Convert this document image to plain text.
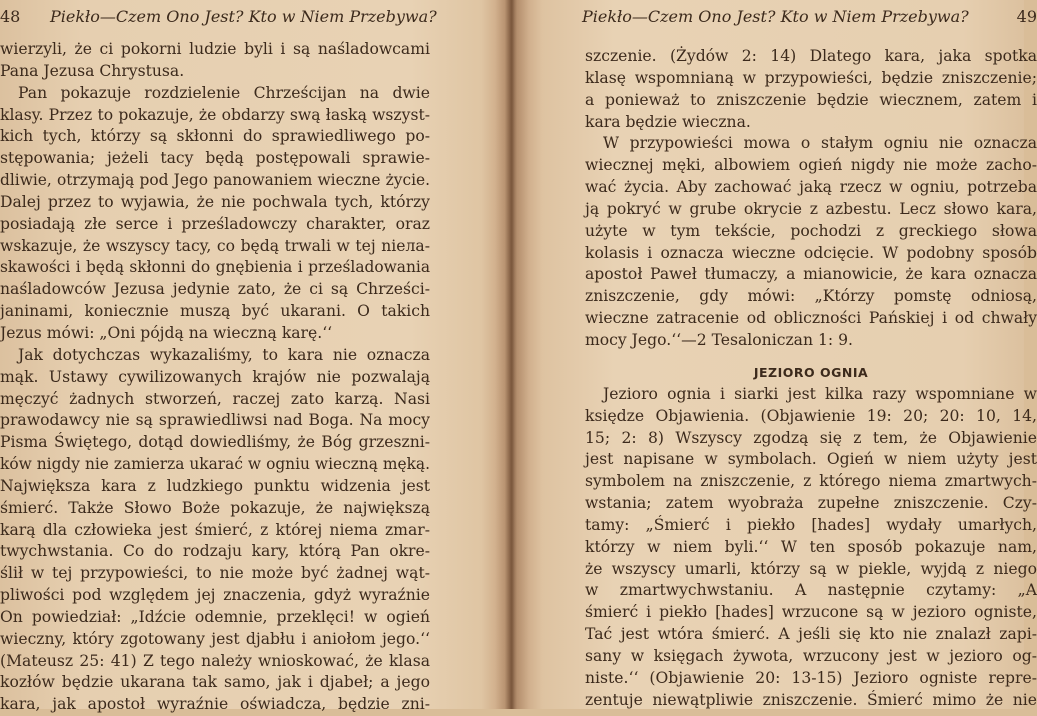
48 Piekło—Czem Ono Jest? Kto w Niem Przebywa?
wierzyli, że ci pokorni ludzie byli i są naśladowcami
Pana Jezusa Chrystusa.
Pan pokazuje rozdzielenie Chrześcijan na dwie
klasy. Przez to pokazuje, że obdarzy swą łaską wszyst-
kich tych, którzy są skłonni do sprawiedliwego po-
stępowania; jeżeli tacy będą postępowali sprawie-
dliwie, otrzymają pod Jego panowaniem wieczne życie.
Dalej przez to wyjawia, że nie pochwala tych, którzy
posiadają złe serce i prześladowczy charakter, oraz
wskazuje, że wszyscy tacy, co będą trwali w tej niела-
skawości i będą skłonni do gnębienia i prześladowania
naśladowców Jezusa jedynie zato, że ci są Chrześci-
janinami, koniecznie muszą być ukarani. O takich
Jezus mówi: „Oni pójdą na wieczną karę.‘‘
Jak dotychczas wykazaliśmy, to kara nie oznacza
mąk. Ustawy cywilizowanych krajów nie pozwalają
męczyć żadnych stworzeń, raczej zato karzą. Nasi
prawodawcy nie są sprawiedliwsi nad Boga. Na mocy
Pisma Świętego, dotąd dowiedliśmy, że Bóg grzeszni-
ków nigdy nie zamierza ukarać w ogniu wieczną męką.
Największa kara z ludzkiego punktu widzenia jest
śmierć. Także Słowo Boże pokazuje, że największą
karą dla człowieka jest śmierć, z której niema zmar-
twychwstania. Co do rodzaju kary, którą Pan okre-
ślił w tej przypowieści, to nie może być żadnej wąt-
pliwości pod względem jej znaczenia, gdyż wyraźnie
On powiedział: „Idźcie odemnie, przeklęci! w ogień
wieczny, który zgotowany jest djabłu i aniołom jego.‘‘
(Mateusz 25: 41) Z tego należy wnioskować, że klasa
kozłów będzie ukarana tak samo, jak i djabeł; a jego
kara, jak apostoł wyraźnie oświadcza, będzie zni-
Piekło—Czem Ono Jest? Kto w Niem Przebywa?	49
szczenie. (Żydów 2: 14) Dlatego kara, jaka spotka
klasę wspomnianą w przypowieści, będzie zniszczenie;
a ponieważ to zniszczenie będzie wiecznem, zatem i
kara będzie wieczna.
W przypowieści mowa o stałym ogniu nie oznacza
wiecznej męki, albowiem ogień nigdy nie może zacho-
wać życia. Aby zachować jaką rzecz w ogniu, potrzeba
ją pokryć w grube okrycie z azbestu. Lecz słowo kara,
użyte w tym tekście, pochodzi z greckiego słowa
kolasis i oznacza wieczne odcięcie. W podobny sposób
apostoł Paweł tłumaczy, a mianowicie, że kara oznacza
zniszczenie, gdy mówi: „Którzy pomstę odniosą,
wieczne zatracenie od obliczności Pańskiej i od chwały
mocy Jego.‘‘—2 Tesaloniczan 1: 9.
JEZIORO OGNIA
Jezioro ognia i siarki jest kilka razy wspomniane w
księdze Objawienia. (Objawienie 19: 20; 20: 10, 14,
15; 2: 8) Wszyscy zgodzą się z tem, że Objawienie
jest napisane w symbolach. Ogień w niem użyty jest
symbolem na zniszczenie, z którego niema zmartwych-
wstania; zatem wyobraża zupełne zniszczenie. Czy-
tamy: „Śmierć i piekło [hades] wydały umarłych,
którzy w niem byli.‘‘ W ten sposób pokazuje nam,
że wszyscy umarli, którzy są w piekle, wyjdą z niego
w zmartwychwstaniu. A następnie czytamy: „A
śmierć i piekło [hades] wrzucone są w jezioro ogniste,
Tać jest wtóra śmierć. A jeśli się kto nie znalazł zapi-
sany w księgach żywota, wrzucony jest w jezioro og-
niste.‘‘ (Objawienie 20: 13-15) Jezioro ogniste repre-
zentuje niewątpliwie zniszczenie. Śmierć mimo że nie
